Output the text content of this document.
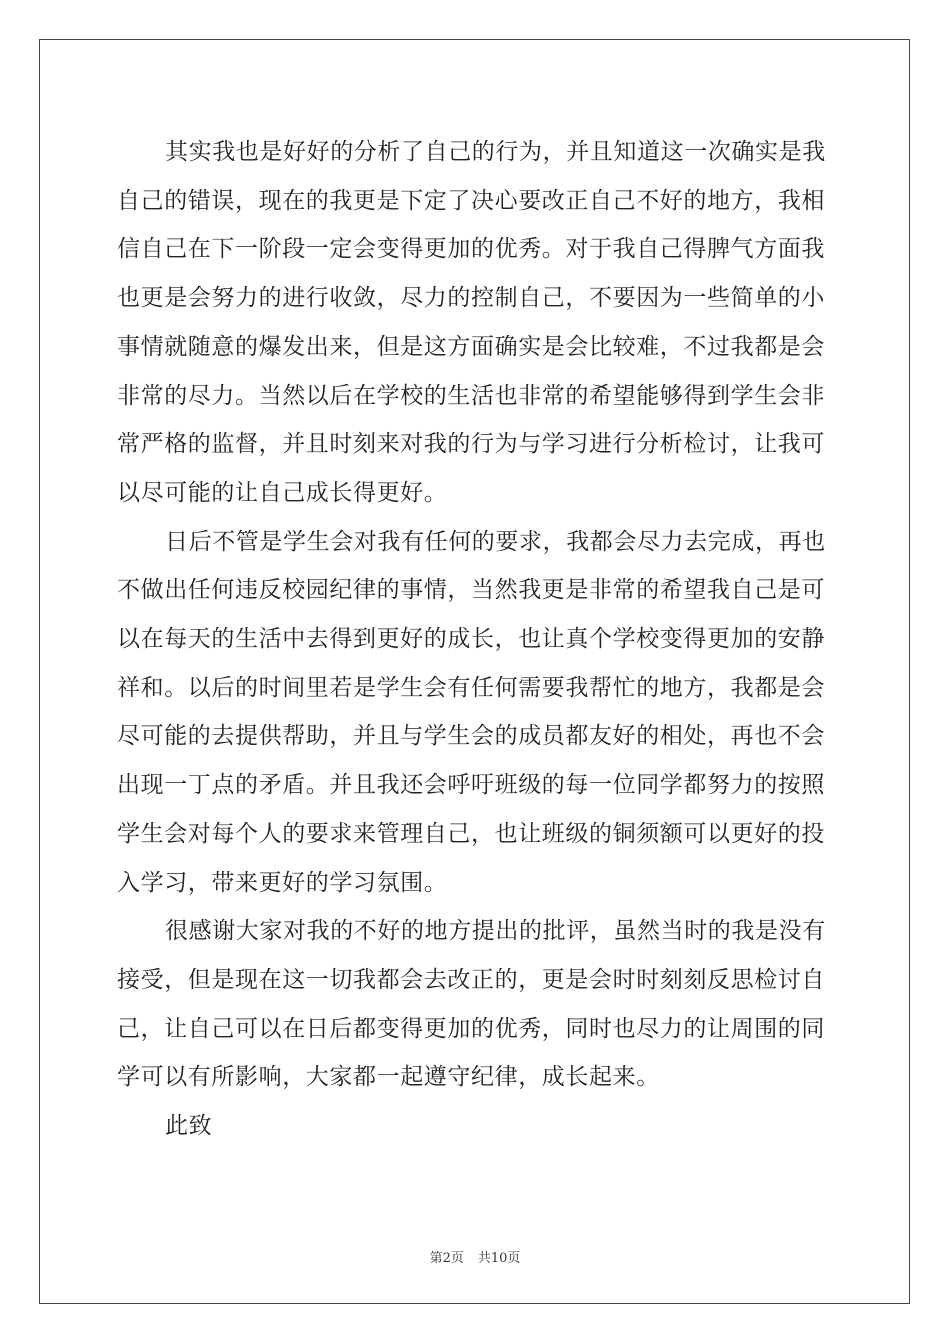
其实我也是好好的分析了自己的行为，并且知道这一次确实是我
自己的错误，现在的我更是下定了决心要改正自己不好的地方，我相
信自己在下一阶段一定会变得更加的优秀。对于我自己得脾气方面我
也更是会努力的进行收敛，尽力的控制自己，不要因为一些简单的小
事情就随意的爆发出来，但是这方面确实是会比较难，不过我都是会
非常的尽力。当然以后在学校的生活也非常的希望能够得到学生会非
常严格的监督，并且时刻来对我的行为与学习进行分析检讨，让我可
以尽可能的让自己成长得更好。
日后不管是学生会对我有任何的要求，我都会尽力去完成，再也
不做出任何违反校园纪律的事情，当然我更是非常的希望我自己是可
以在每天的生活中去得到更好的成长，也让真个学校变得更加的安静
祥和。以后的时间里若是学生会有任何需要我帮忙的地方，我都是会
尽可能的去提供帮助，并且与学生会的成员都友好的相处，再也不会
出现一丁点的矛盾。并且我还会呼吁班级的每一位同学都努力的按照
学生会对每个人的要求来管理自己，也让班级的铜须额可以更好的投
入学习，带来更好的学习氛围。
很感谢大家对我的不好的地方提出的批评，虽然当时的我是没有
接受，但是现在这一切我都会去改正的，更是会时时刻刻反思检讨自
己，让自己可以在日后都变得更加的优秀，同时也尽力的让周围的同
学可以有所影响，大家都一起遵守纪律，成长起来。
此致
第2页 共10页
